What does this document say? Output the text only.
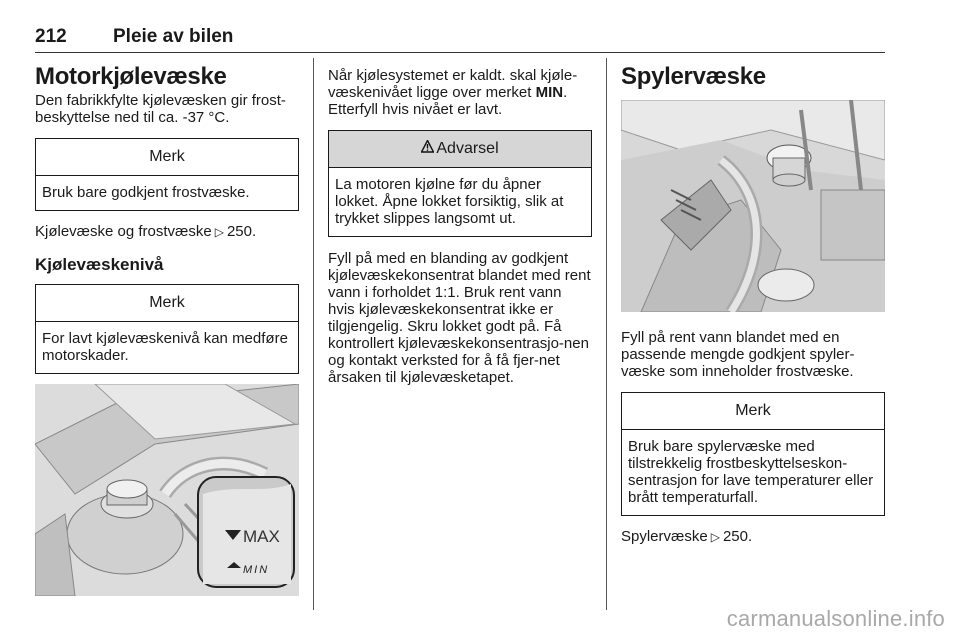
212 Pleie av bilen
Motorkjølevæske

Den fabrikkfylte kjølevæsken gir frost-beskyttelse ned til ca. -37 °C.

Merk
Bruk bare godkjent frostvæske.

Kjølevæske og frostvæske ▷ 250.

Kjølevæskenivå
Merk
For lavt kjølevæskenivå kan medføre motorskader.
MAX
MIN

Når kjølesystemet er kaldt. skal kjøle-væskenivået ligge over merket MIN.
Etterfyll hvis nivået er lavt.

Advarsel
La motoren kjølne før du åpner lokket. Åpne lokket forsiktig, slik at trykket slippes langsomt ut.

Fyll på med en blanding av godkjent kjølevæskekonsentrat blandet med rent vann i forholdet 1:1. Bruk rent vann hvis kjølevæskekonsentrat ikke er tilgjengelig. Skru lokket godt på. Få kontrollert kjølevæskekonsentrasjo-nen og kontakt verksted for å få fjer-net årsaken til kjølevæsketapet.

Spylervæske

Fyll på rent vann blandet med en passende mengde godkjent spyler-væske som inneholder frostvæske.

Merk
Bruk bare spylervæske med tilstrekkelig frostbeskyttelseskon-sentrasjon for lave temperaturer eller brått temperaturfall.

Spylervæske ▷ 250.

carmanualsonline.info
